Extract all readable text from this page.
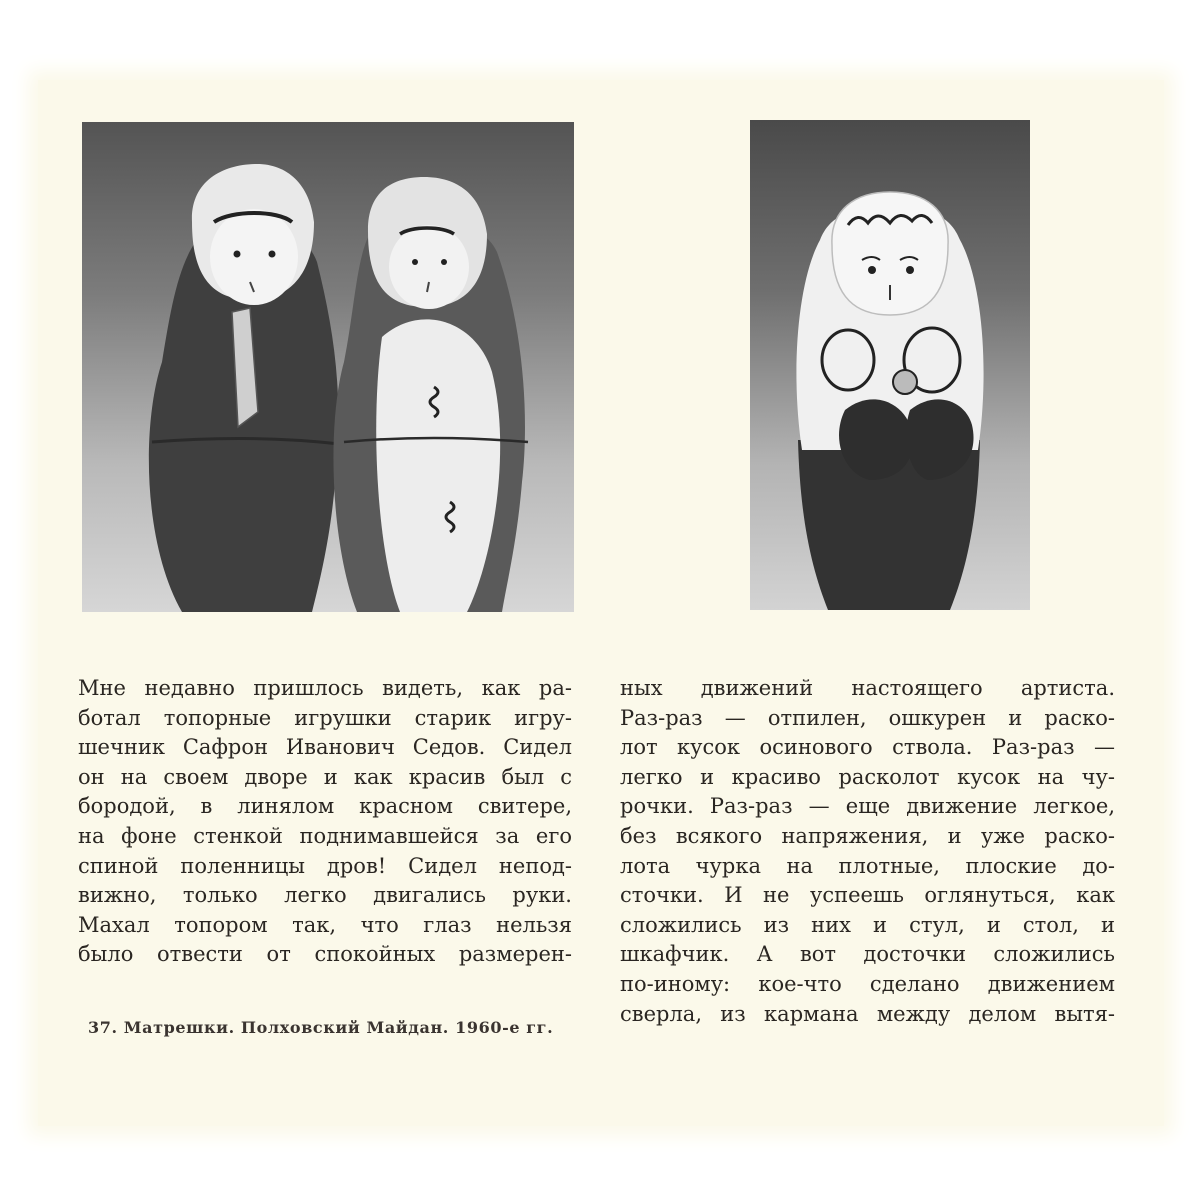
Мне недавно пришлось видеть, как ра-
ботал топорные игрушки старик игру-
шечник Сафрон Иванович Седов. Сидел
он на своем дворе и как красив был с
бородой, в линялом красном свитере,
на фоне стенкой поднимавшейся за его
спиной поленницы дров! Сидел непод-
вижно, только легко двигались руки.
Махал топором так, что глаз нельзя
было отвести от спокойных размерен-
ных движений настоящего артиста.
Раз-раз — отпилен, ошкурен и раско-
лот кусок осинового ствола. Раз-раз —
легко и красиво расколот кусок на чу-
рочки. Раз-раз — еще движение легкое,
без всякого напряжения, и уже раско-
лота чурка на плотные, плоские до-
сточки. И не успеешь оглянуться, как
сложились из них и стул, и стол, и
шкафчик. А вот досточки сложились
по-иному: кое-что сделано движением
сверла, из кармана между делом вытя-
37. Матрешки. Полховский Майдан. 1960-е гг.
